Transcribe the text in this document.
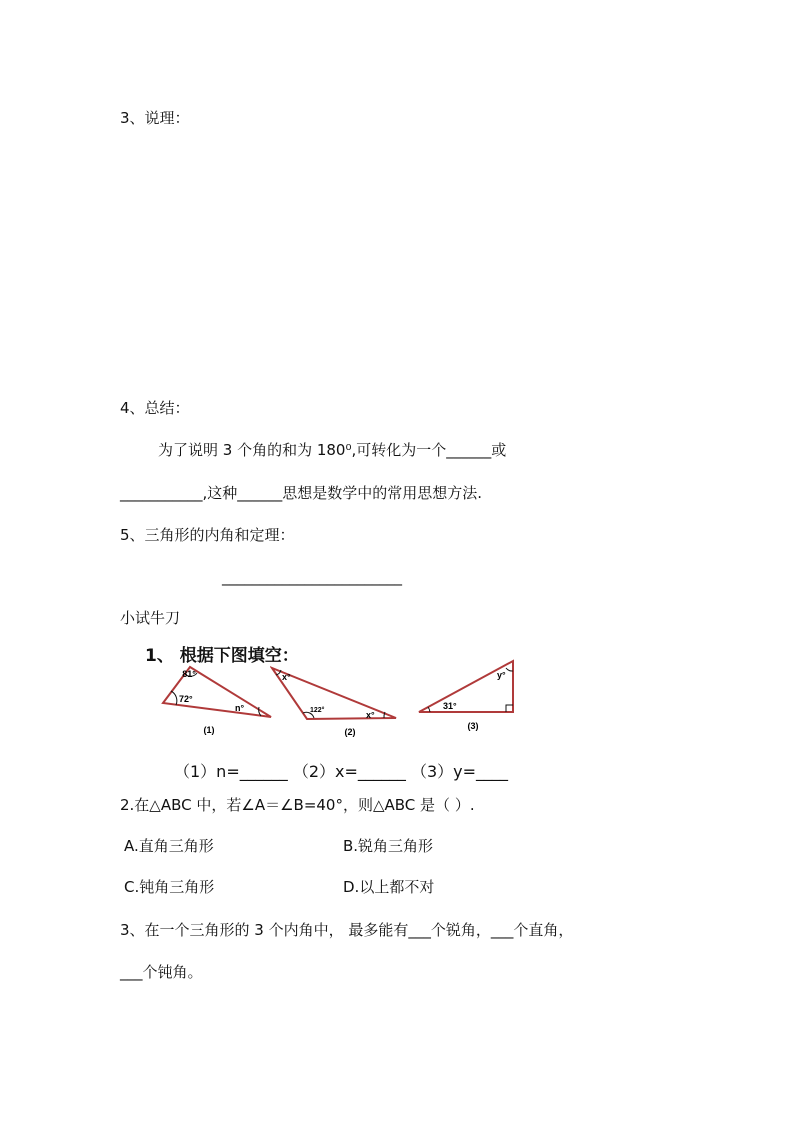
3、说理：
4、总结：
为了说明 3 个角的和为 180⁰,可转化为一个______或
___________,这种______思想是数学中的常用思想方法.
5、三角形的内角和定理：
________________________
小试牛刀
1、 根据下图填空：
81°
72°
n°
(1)
x°
122°	x°
(2)
31°
y°
(3)
（1）n=______ （2）x=______ （3）y=____
2.在△ABC 中，若∠A＝∠B=40°，则△ABC 是（ ）.
A.直角三角形	B.锐角三角形
C.钝角三角形	D.以上都不对
3、在一个三角形的 3 个内角中， 最多能有___个锐角，___个直角，
___个钝角。
